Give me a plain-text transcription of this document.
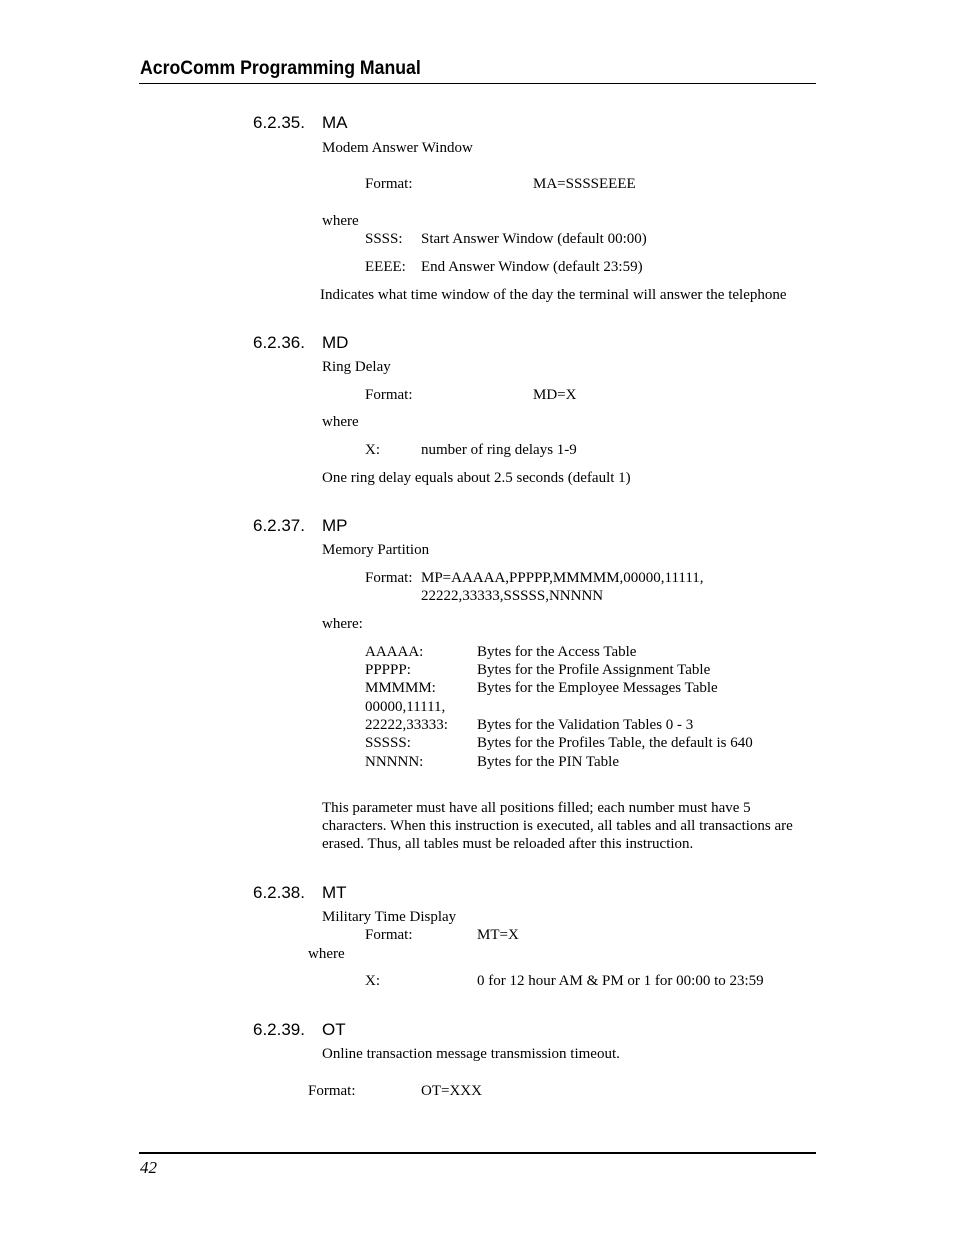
AcroComm Programming Manual
6.2.35. MA
Modem Answer Window
Format:	MA=SSSSEEEE
where
SSSS: Start Answer Window (default 00:00)
EEEE: End Answer Window (default 23:59)
Indicates what time window of the day the terminal will answer the telephone
6.2.36. MD
Ring Delay
Format:	MD=X
where
X:	number of ring delays 1-9
One ring delay equals about 2.5 seconds (default 1)
6.2.37. MP
Memory Partition
Format: MP=AAAAA,PPPPP,MMMMM,00000,11111,
22222,33333,SSSSS,NNNNN
where:
AAAAA:	Bytes for the Access Table
PPPPP:	Bytes for the Profile Assignment Table
MMMMM:	Bytes for the Employee Messages Table
00000,11111,
22222,33333: Bytes for the Validation Tables 0 - 3
SSSSS:	Bytes for the Profiles Table, the default is 640
NNNNN:	Bytes for the PIN Table
This parameter must have all positions filled; each number must have 5
characters. When this instruction is executed, all tables and all transactions are
erased. Thus, all tables must be reloaded after this instruction.
6.2.38. MT
Military Time Display
Format:	MT=X
where
X:	0 for 12 hour AM & PM or 1 for 00:00 to 23:59
6.2.39. OT
Online transaction message transmission timeout.
Format:	OT=XXX
42
